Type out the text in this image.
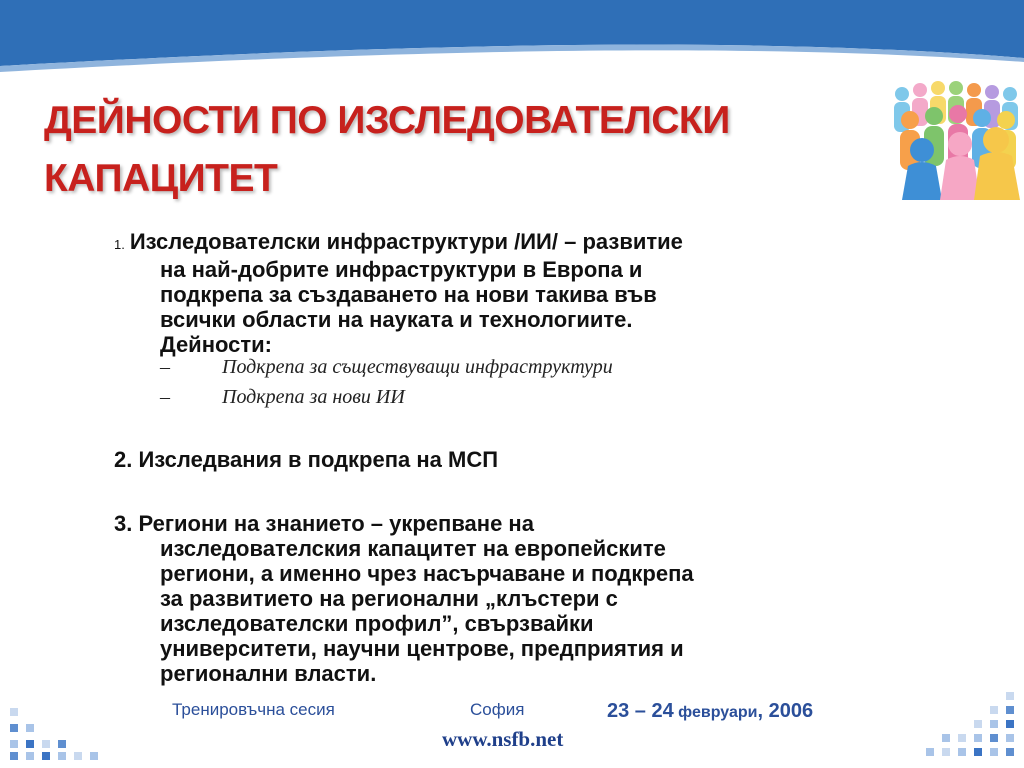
ДЕЙНОСТИ ПО ИЗСЛЕДОВАТЕЛСКИ
КАПАЦИТЕТ
1. Изследователски инфраструктури /ИИ/ – развитие
на най-добрите инфраструктури в Европа и
подкрепа за създаването на нови такива във
всички области на науката и технологиите.
Дейности:
–	Подкрепа за съществуващи инфраструктури
–	Подкрепа за нови ИИ
2. Изследвания в подкрепа на МСП
3. Региони на знанието – укрепване на
изследователския капацитет на европейските
региони, а именно чрез насърчаване и подкрепа
за развитието на регионални „клъстери с
изследователски профил”, свързвайки
университети, научни центрове, предприятия и
регионални власти.
Тренировъчна сесия	София	23 – 24 февруари, 2006
www.nsfb.net
